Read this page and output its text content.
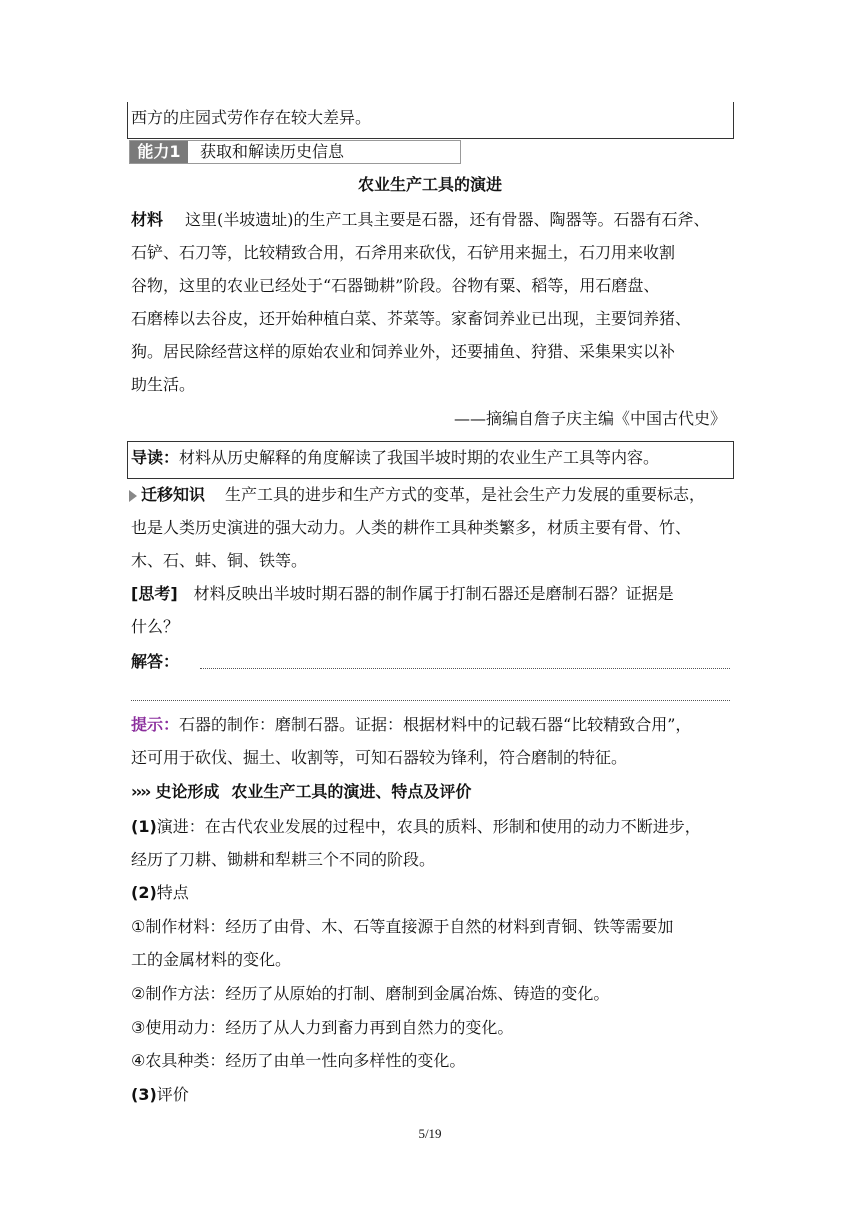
西方的庄园式劳作存在较大差异。
能力1	获取和解读历史信息
农业生产工具的演进
材料 这里(半坡遗址)的生产工具主要是石器，还有骨器、陶器等。石器有石斧、
石铲、石刀等，比较精致合用，石斧用来砍伐，石铲用来掘土，石刀用来收割
谷物，这里的农业已经处于“石器锄耕”阶段。谷物有粟、稻等，用石磨盘、
石磨棒以去谷皮，还开始种植白菜、芥菜等。家畜饲养业已出现，主要饲养猪、
狗。居民除经营这样的原始农业和饲养业外，还要捕鱼、狩猎、采集果实以补
助生活。
——摘编自詹子庆主编《中国古代史》
导读：材料从历史解释的角度解读了我国半坡时期的农业生产工具等内容。
迁移知识 生产工具的进步和生产方式的变革，是社会生产力发展的重要标志，
也是人类历史演进的强大动力。人类的耕作工具种类繁多，材质主要有骨、竹、
木、石、蚌、铜、铁等。
[思考] 材料反映出半坡时期石器的制作属于打制石器还是磨制石器？证据是
什么？
解答：
提示：石器的制作：磨制石器。证据：根据材料中的记载石器“比较精致合用”，
还可用于砍伐、掘土、收割等，可知石器较为锋利，符合磨制的特征。
›››› 史论形成 农业生产工具的演进、特点及评价
(1)演进：在古代农业发展的过程中，农具的质料、形制和使用的动力不断进步，
经历了刀耕、锄耕和犁耕三个不同的阶段。
(2)特点
①制作材料：经历了由骨、木、石等直接源于自然的材料到青铜、铁等需要加
工的金属材料的变化。
②制作方法：经历了从原始的打制、磨制到金属冶炼、铸造的变化。
③使用动力：经历了从人力到畜力再到自然力的变化。
④农具种类：经历了由单一性向多样性的变化。
(3)评价
5/19
